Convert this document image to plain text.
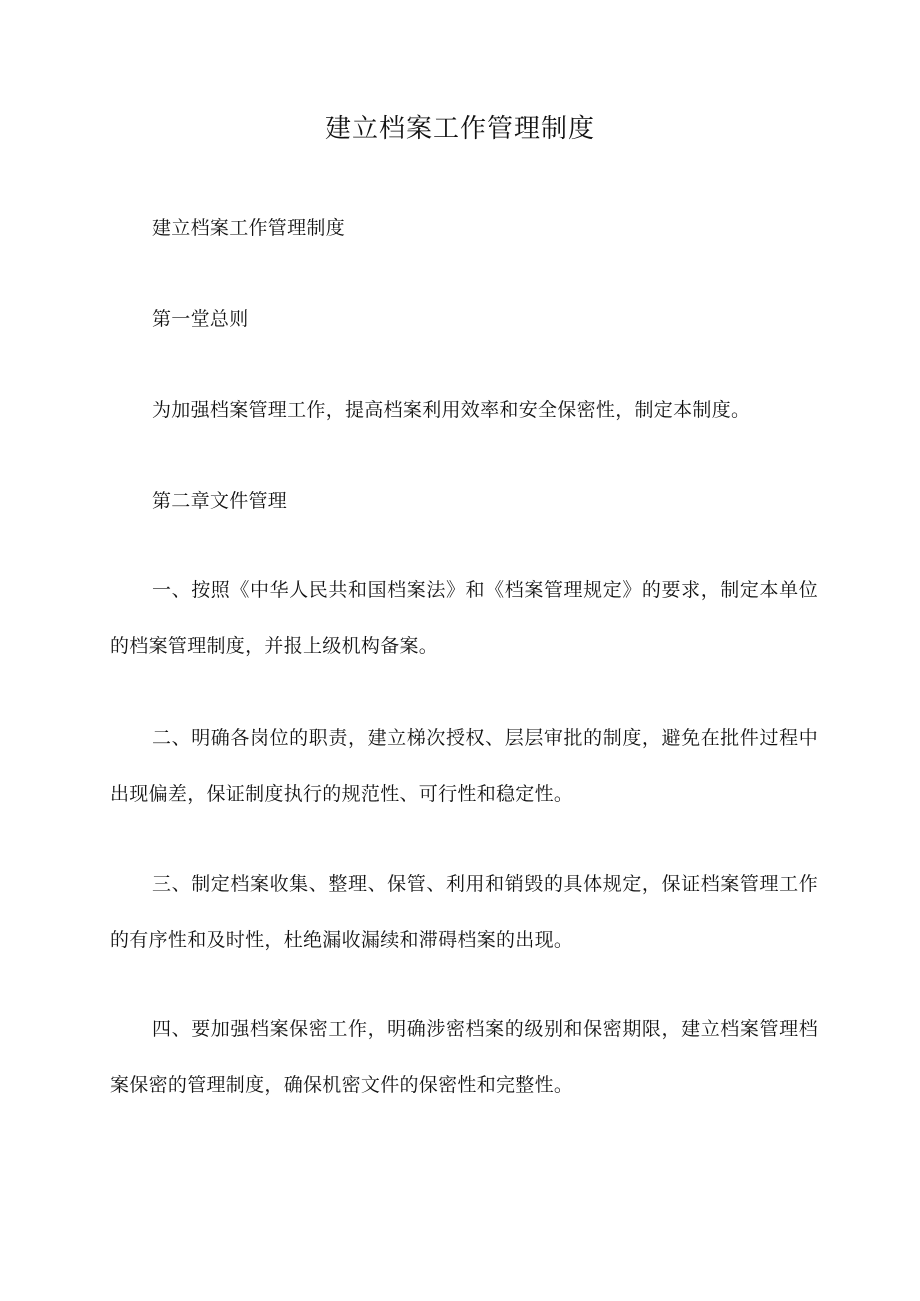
建立档案工作管理制度

建立档案工作管理制度

第一堂总则

为加强档案管理工作，提高档案利用效率和安全保密性，制定本制度。

第二章文件管理

一、按照《中华人民共和国档案法》和《档案管理规定》的要求，制定本单位的档案管理制度，并报上级机构备案。

二、明确各岗位的职责，建立梯次授权、层层审批的制度，避免在批件过程中出现偏差，保证制度执行的规范性、可行性和稳定性。

三、制定档案收集、整理、保管、利用和销毁的具体规定，保证档案管理工作的有序性和及时性，杜绝漏收漏续和滞碍档案的出现。

四、要加强档案保密工作，明确涉密档案的级别和保密期限，建立档案管理档案保密的管理制度，确保机密文件的保密性和完整性。
